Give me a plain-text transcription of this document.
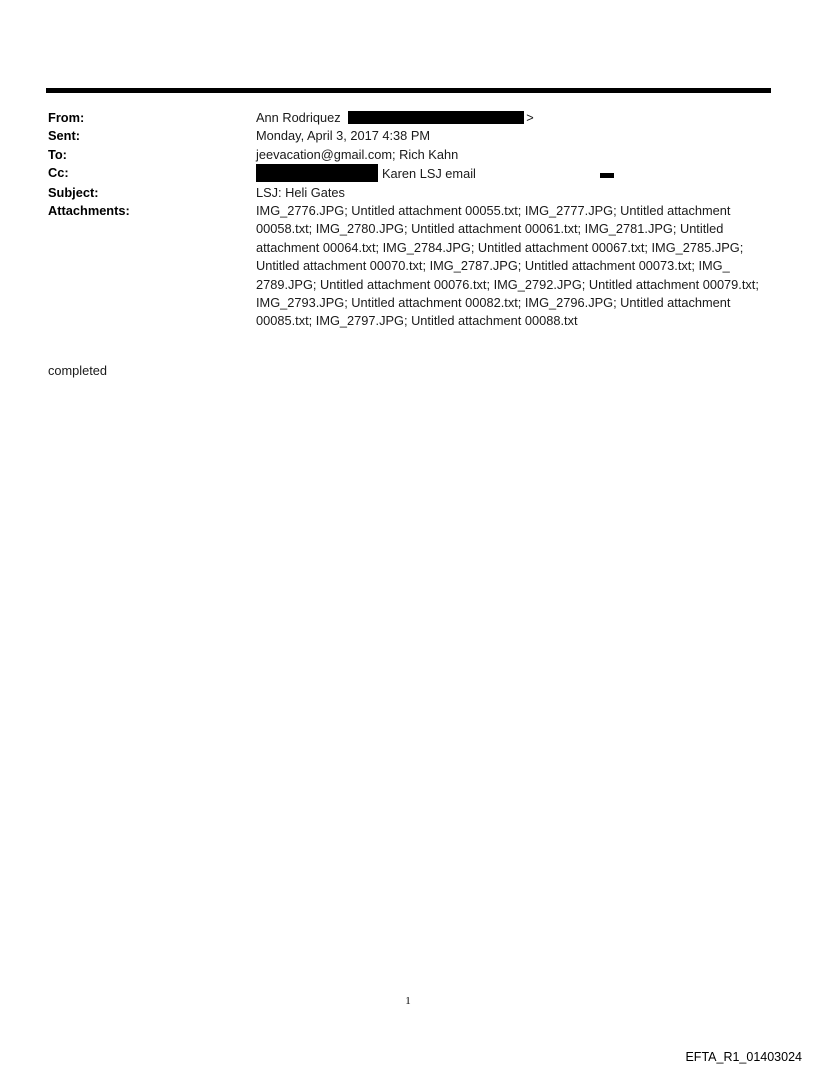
From:	Ann Rodriquez	>
Sent:	Monday, April 3, 2017 4:38 PM
To:	jeevacation@gmail.com; Rich Kahn
Cc:	Karen LSJ email
Subject:	LSJ: Heli Gates
Attachments:	IMG_2776.JPG; Untitled attachment 00055.txt; IMG_2777.JPG; Untitled attachment 00058.txt; IMG_2780.JPG; Untitled attachment 00061.txt; IMG_2781.JPG; Untitled attachment 00064.txt; IMG_2784.JPG; Untitled attachment 00067.txt; IMG_2785.JPG; Untitled attachment 00070.txt; IMG_2787.JPG; Untitled attachment 00073.txt; IMG_ 2789.JPG; Untitled attachment 00076.txt; IMG_2792.JPG; Untitled attachment 00079.txt; IMG_2793.JPG; Untitled attachment 00082.txt; IMG_2796.JPG; Untitled attachment 00085.txt; IMG_2797.JPG; Untitled attachment 00088.txt
completed
1
EFTA_R1_01403024
